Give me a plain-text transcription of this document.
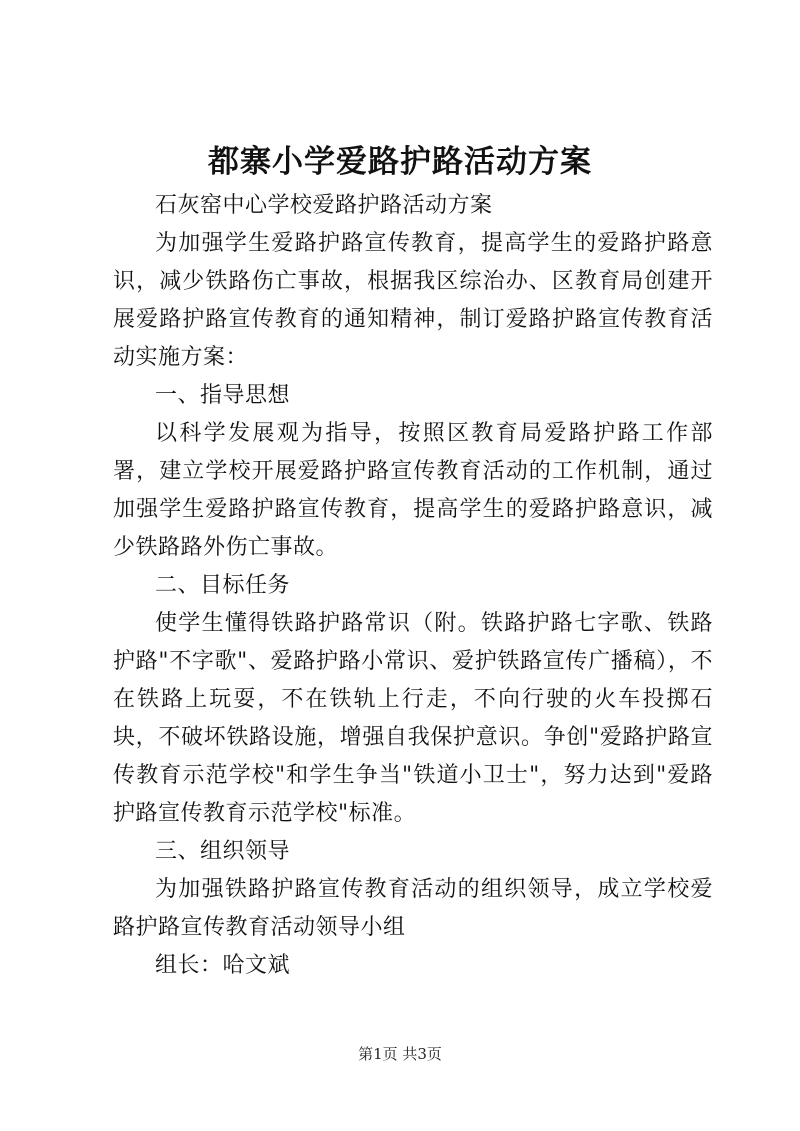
都寨小学爱路护路活动方案

石灰窑中心学校爱路护路活动方案

为加强学生爱路护路宣传教育，提高学生的爱路护路意识，减少铁路伤亡事故，根据我区综治办、区教育局创建开展爱路护路宣传教育的通知精神，制订爱路护路宣传教育活动实施方案：

一、指导思想

以科学发展观为指导，按照区教育局爱路护路工作部署，建立学校开展爱路护路宣传教育活动的工作机制，通过加强学生爱路护路宣传教育，提高学生的爱路护路意识，减少铁路路外伤亡事故。

二、目标任务

使学生懂得铁路护路常识（附。铁路护路七字歌、铁路护路"不字歌"、爱路护路小常识、爱护铁路宣传广播稿），不在铁路上玩耍，不在铁轨上行走，不向行驶的火车投掷石块，不破坏铁路设施，增强自我保护意识。争创"爱路护路宣传教育示范学校"和学生争当"铁道小卫士"，努力达到"爱路护路宣传教育示范学校"标准。

三、组织领导

为加强铁路护路宣传教育活动的组织领导，成立学校爱路护路宣传教育活动领导小组

组长：哈文斌

第1页 共3页
